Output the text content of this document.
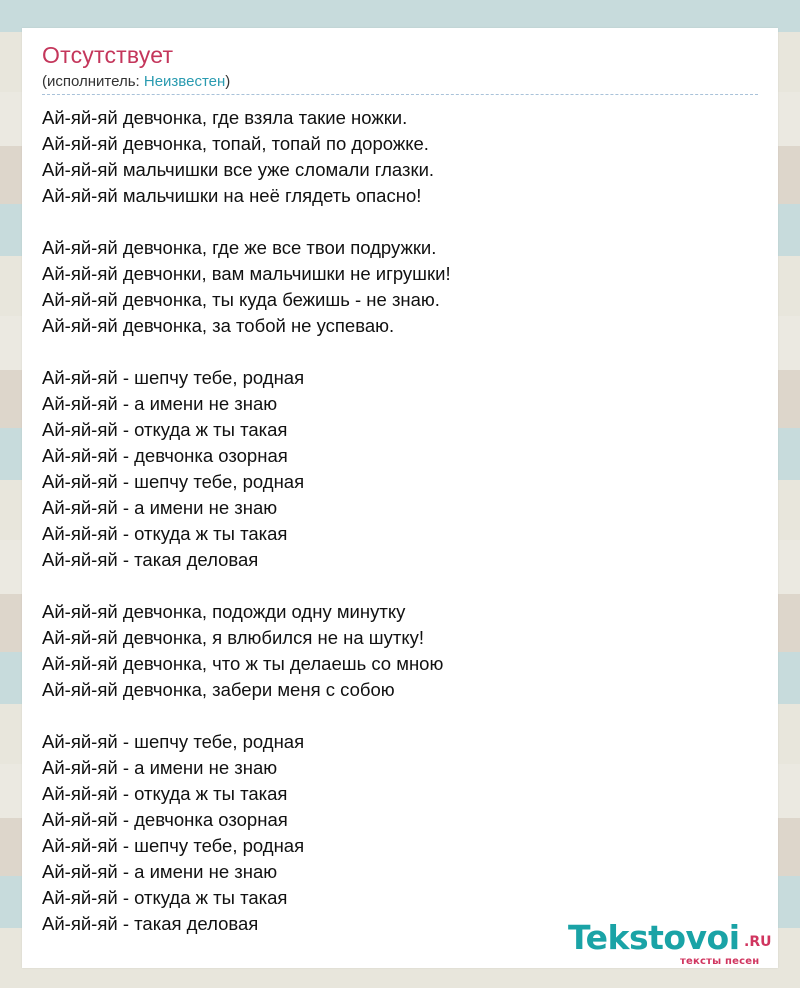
Отсутствует
(исполнитель: Неизвестен)
Ай-яй-яй девчонка, где взяла такие ножки.
Ай-яй-яй девчонка, топай, топай по дорожке.
Ай-яй-яй мальчишки все уже сломали глазки.
Ай-яй-яй мальчишки на неё глядеть опасно!
Ай-яй-яй девчонка, где же все твои подружки.
Ай-яй-яй девчонки, вам мальчишки не игрушки!
Ай-яй-яй девчонка, ты куда бежишь - не знаю.
Ай-яй-яй девчонка, за тобой не успеваю.
Ай-яй-яй - шепчу тебе, родная
Ай-яй-яй - а имени не знаю
Ай-яй-яй - откуда ж ты такая
Ай-яй-яй - девчонка озорная
Ай-яй-яй - шепчу тебе, родная
Ай-яй-яй - а имени не знаю
Ай-яй-яй - откуда ж ты такая
Ай-яй-яй - такая деловая
Ай-яй-яй девчонка, подожди одну минутку
Ай-яй-яй девчонка, я влюбился не на шутку!
Ай-яй-яй девчонка, что ж ты делаешь со мною
Ай-яй-яй девчонка, забери меня с собою
Ай-яй-яй - шепчу тебе, родная
Ай-яй-яй - а имени не знаю
Ай-яй-яй - откуда ж ты такая
Ай-яй-яй - девчонка озорная
Ай-яй-яй - шепчу тебе, родная
Ай-яй-яй - а имени не знаю
Ай-яй-яй - откуда ж ты такая
Ай-яй-яй - такая деловая	Tekstovoi .RU
тексты песен
